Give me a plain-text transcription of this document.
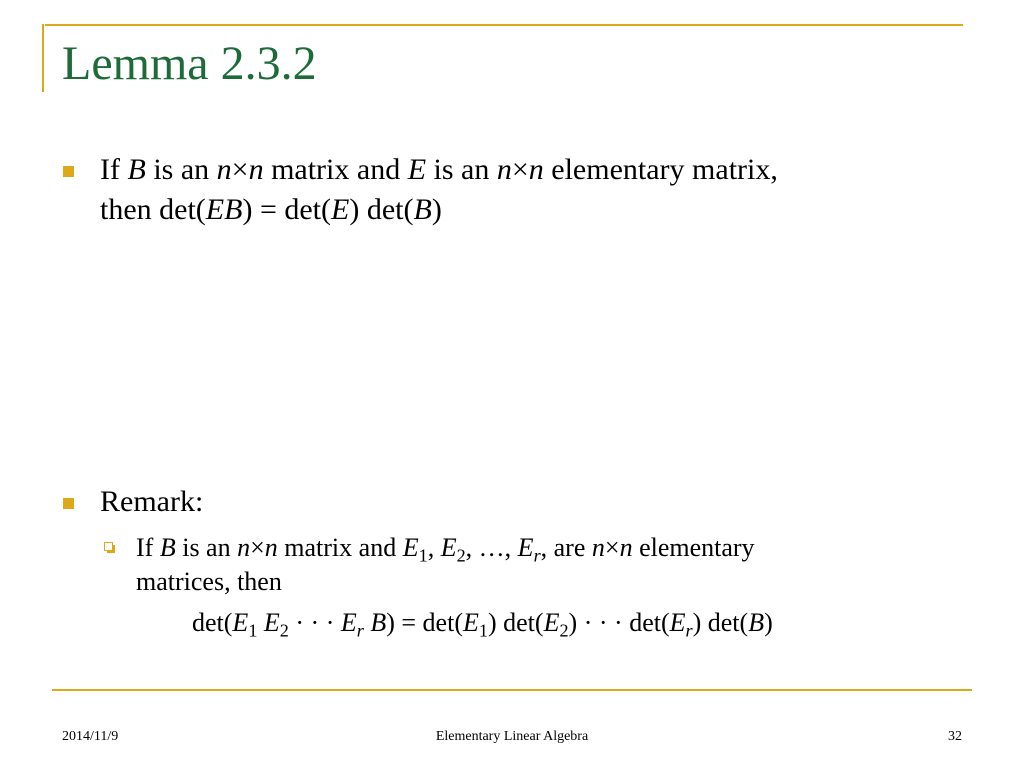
Lemma 2.3.2
If B is an n×n matrix and E is an n×n elementary matrix,
then det(EB) = det(E) det(B)
Remark:
If B is an n×n matrix and $E_1$, $E_2$, …, $E_r$, are n×n elementary
matrices, then
$\det(E_1$ $E_2$ · · · $E_r$ $B) = \det(E_1) \det(E_2)$ · · · $\det(E_r)$ det(B)
2014/11/9	Elementary Linear Algebra	32
